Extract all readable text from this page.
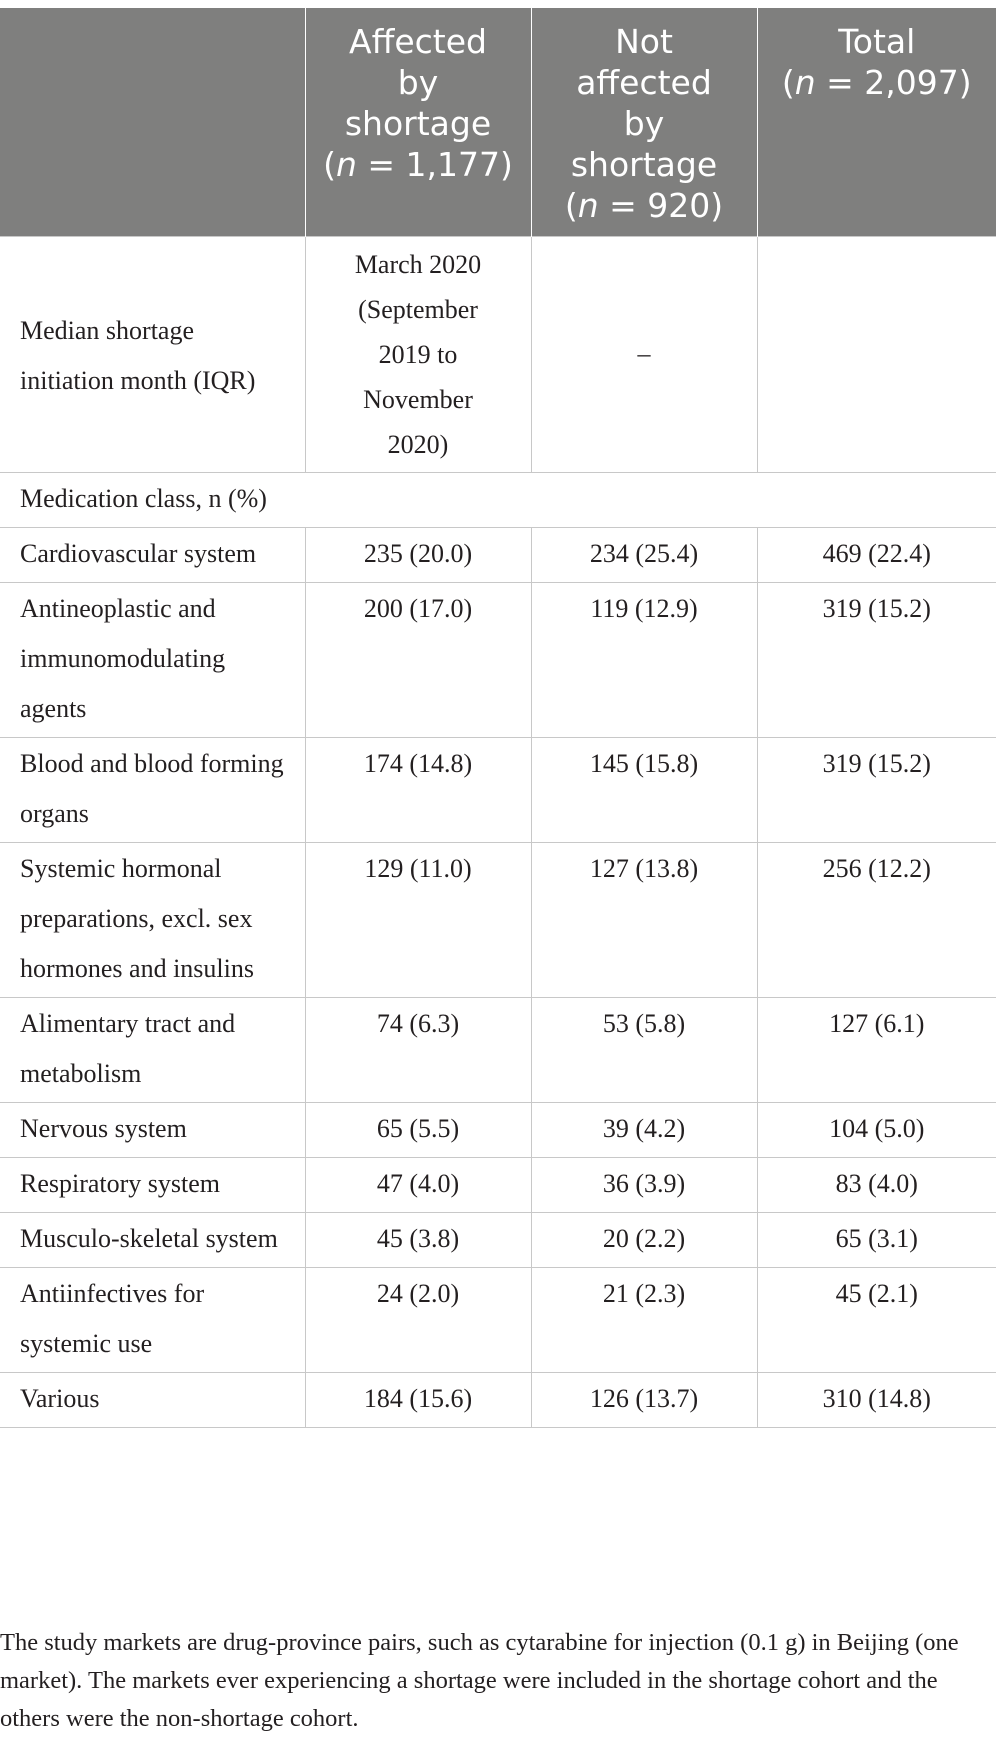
	Affected
by
shortage
(n = 1,177)	Not
affected
by
shortage
(n = 920)	Total
(n = 2,097)
Median shortage initiation month (IQR)	March 2020
(September
2019 to
November
2020)	–	
Medication class, n (%)			
Cardiovascular system	235 (20.0)	234 (25.4)	469 (22.4)
Antineoplastic and immunomodulating agents	200 (17.0)	119 (12.9)	319 (15.2)
Blood and blood forming organs	174 (14.8)	145 (15.8)	319 (15.2)
Systemic hormonal preparations, excl. sex hormones and insulins	129 (11.0)	127 (13.8)	256 (12.2)
Alimentary tract and metabolism	74 (6.3)	53 (5.8)	127 (6.1)
Nervous system	65 (5.5)	39 (4.2)	104 (5.0)
Respiratory system	47 (4.0)	36 (3.9)	83 (4.0)
Musculo-skeletal system	45 (3.8)	20 (2.2)	65 (3.1)
Antiinfectives for systemic use	24 (2.0)	21 (2.3)	45 (2.1)
Various	184 (15.6)	126 (13.7)	310 (14.8)
The study markets are drug-province pairs, such as cytarabine for injection (0.1 g) in Beijing (one market). The markets ever experiencing a shortage were included in the shortage cohort and the others were the non-shortage cohort.
